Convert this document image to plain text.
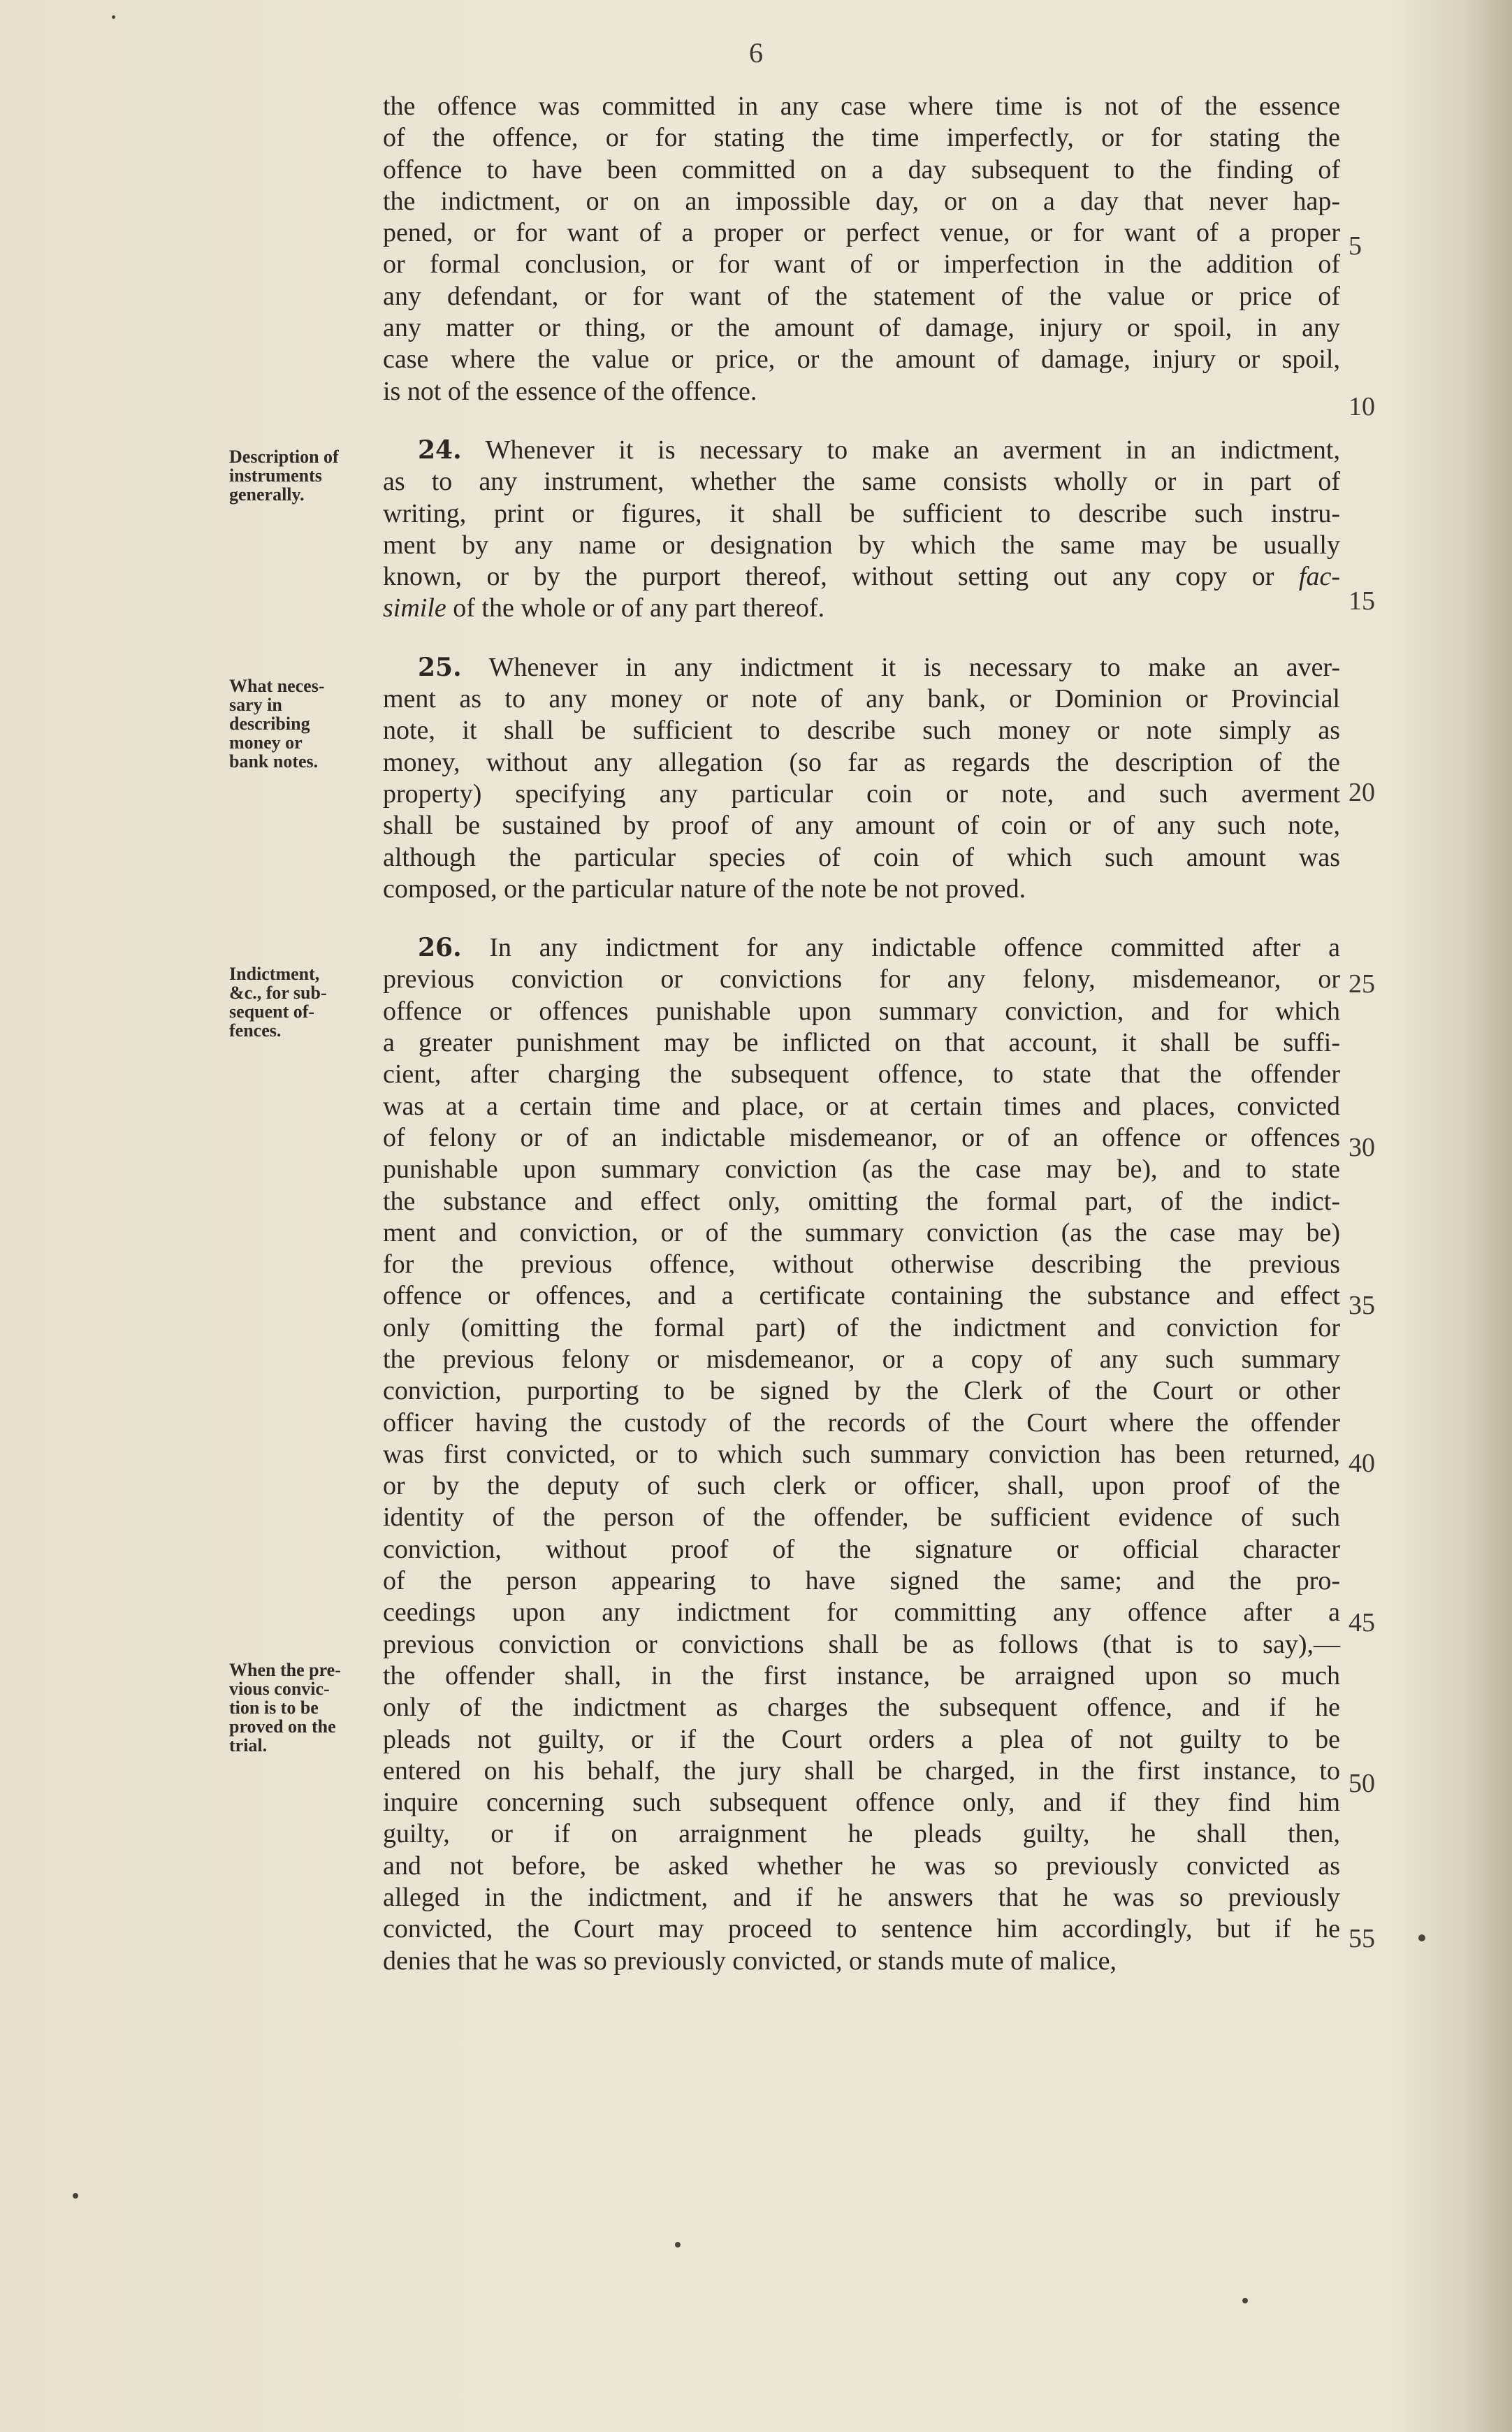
6
the offence was committed in any case where time is not of the essence
of the offence, or for stating the time imperfectly, or for stating the
offence to have been committed on a day subsequent to the finding of
the indictment, or on an impossible day, or on a day that never hap-
pened, or for want of a proper or perfect venue, or for want of a proper
or formal conclusion, or for want of or imperfection in the addition of
any defendant, or for want of the statement of the value or price of
any matter or thing, or the amount of damage, injury or spoil, in any
case where the value or price, or the amount of damage, injury or spoil,
is not of the essence of the offence.
24. Whenever it is necessary to make an averment in an indictment,
as to any instrument, whether the same consists wholly or in part of
writing, print or figures, it shall be sufficient to describe such instru-
ment by any name or designation by which the same may be usually
known, or by the purport thereof, without setting out any copy or fac-
simile of the whole or of any part thereof.
25. Whenever in any indictment it is necessary to make an aver-
ment as to any money or note of any bank, or Dominion or Provincial
note, it shall be sufficient to describe such money or note simply as
money, without any allegation (so far as regards the description of the
property) specifying any particular coin or note, and such averment
shall be sustained by proof of any amount of coin or of any such note,
although the particular species of coin of which such amount was
composed, or the particular nature of the note be not proved.
26. In any indictment for any indictable offence committed after a
previous conviction or convictions for any felony, misdemeanor, or
offence or offences punishable upon summary conviction, and for which
a greater punishment may be inflicted on that account, it shall be suffi-
cient, after charging the subsequent offence, to state that the offender
was at a certain time and place, or at certain times and places, convicted
of felony or of an indictable misdemeanor, or of an offence or offences
punishable upon summary conviction (as the case may be), and to state
the substance and effect only, omitting the formal part, of the indict-
ment and conviction, or of the summary conviction (as the case may be)
for the previous offence, without otherwise describing the previous
offence or offences, and a certificate containing the substance and effect
only (omitting the formal part) of the indictment and conviction for
the previous felony or misdemeanor, or a copy of any such summary
conviction, purporting to be signed by the Clerk of the Court or other
officer having the custody of the records of the Court where the offender
was first convicted, or to which such summary conviction has been returned,
or by the deputy of such clerk or officer, shall, upon proof of the
identity of the person of the offender, be sufficient evidence of such
conviction, without proof of the signature or official character
of the person appearing to have signed the same; and the pro-
ceedings upon any indictment for committing any offence after a
previous conviction or convictions shall be as follows (that is to say),—
the offender shall, in the first instance, be arraigned upon so much
only of the indictment as charges the subsequent offence, and if he
pleads not guilty, or if the Court orders a plea of not guilty to be
entered on his behalf, the jury shall be charged, in the first instance, to
inquire concerning such subsequent offence only, and if they find him
guilty, or if on arraignment he pleads guilty, he shall then,
and not before, be asked whether he was so previously convicted as
alleged in the indictment, and if he answers that he was so previously
convicted, the Court may proceed to sentence him accordingly, but if he
denies that he was so previously convicted, or stands mute of malice,
Description of
instruments
generally.
What neces-
sary in
describing
money or
bank notes.
Indictment,
&c., for sub-
sequent of-
fences.
When the pre-
vious convic-
tion is to be
proved on the
trial.
5
10
15
20
25
30
35
40
45
50
55
